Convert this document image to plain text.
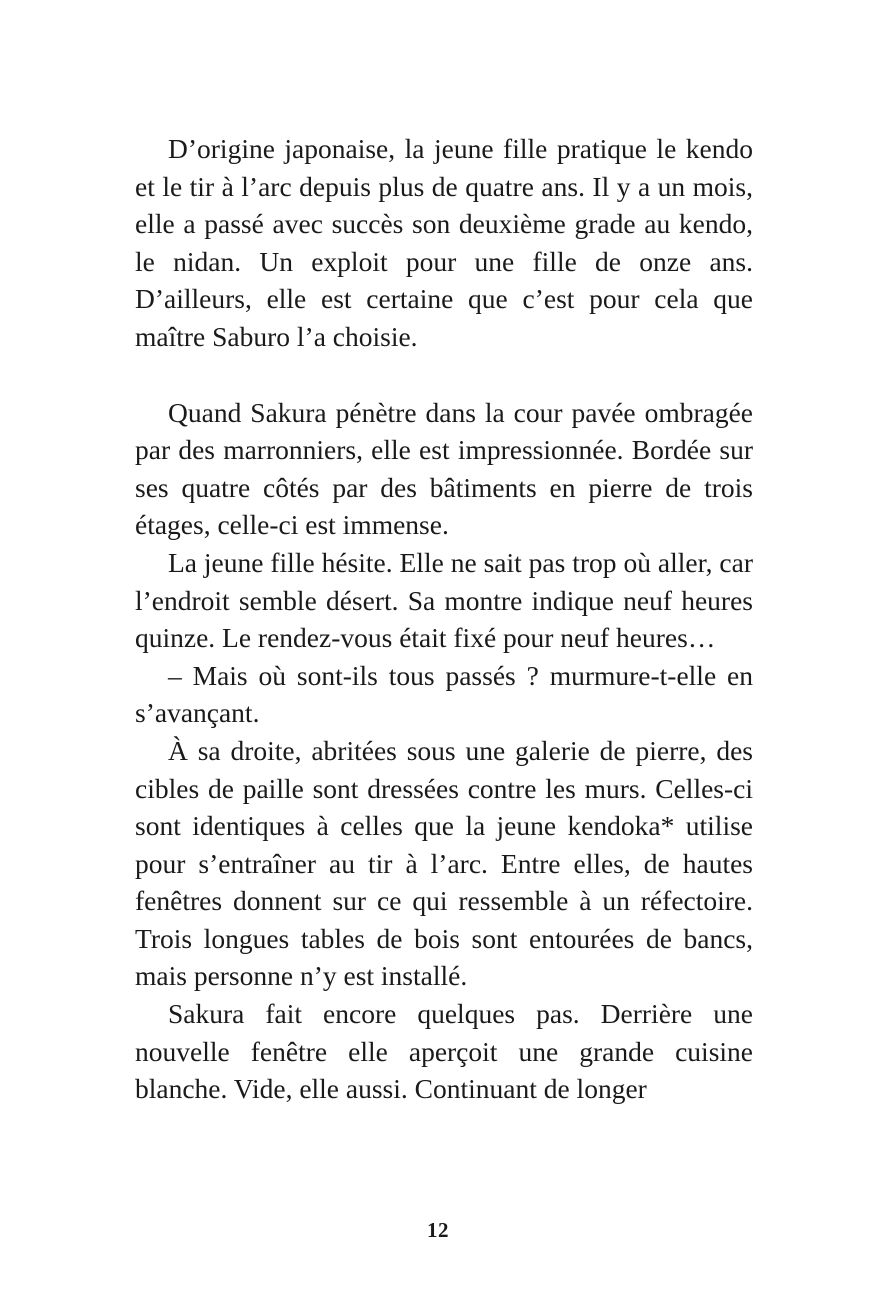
D’origine japonaise, la jeune fille pratique le kendo et le tir à l’arc depuis plus de quatre ans. Il y a un mois, elle a passé avec succès son deuxième grade au kendo, le nidan. Un exploit pour une fille de onze ans. D’ailleurs, elle est certaine que c’est pour cela que maître Saburo l’a choisie.

Quand Sakura pénètre dans la cour pavée ombragée par des marronniers, elle est impressionnée. Bordée sur ses quatre côtés par des bâtiments en pierre de trois étages, celle-ci est immense.

La jeune fille hésite. Elle ne sait pas trop où aller, car l’endroit semble désert. Sa montre indique neuf heures quinze. Le rendez-vous était fixé pour neuf heures…

– Mais où sont-ils tous passés ? murmure-t-elle en s’avançant.

À sa droite, abritées sous une galerie de pierre, des cibles de paille sont dressées contre les murs. Celles-ci sont identiques à celles que la jeune kendoka* utilise pour s’entraîner au tir à l’arc. Entre elles, de hautes fenêtres donnent sur ce qui ressemble à un réfectoire. Trois longues tables de bois sont entourées de bancs, mais personne n’y est installé.

Sakura fait encore quelques pas. Derrière une nouvelle fenêtre elle aperçoit une grande cuisine blanche. Vide, elle aussi. Continuant de longer

12
